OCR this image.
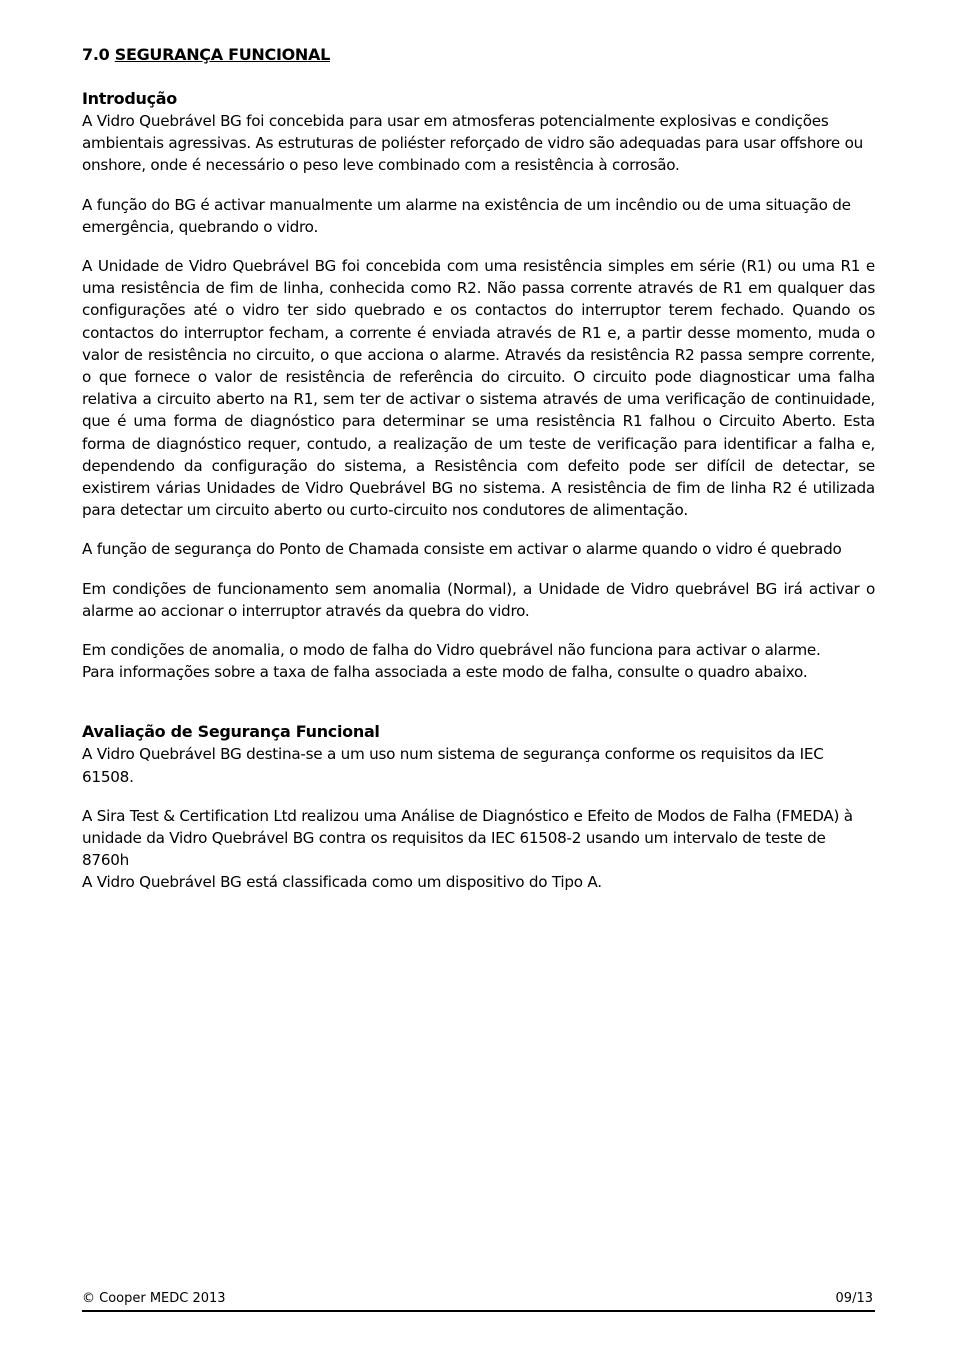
7.0 SEGURANÇA FUNCIONAL
Introdução

A Vidro Quebrável BG foi concebida para usar em atmosferas potencialmente explosivas e condições ambientais agressivas. As estruturas de poliéster reforçado de vidro são adequadas para usar offshore ou onshore, onde é necessário o peso leve combinado com a resistência à corrosão.

A função do BG é activar manualmente um alarme na existência de um incêndio ou de uma situação de emergência, quebrando o vidro.

A Unidade de Vidro Quebrável BG foi concebida com uma resistência simples em série (R1) ou uma R1 e uma resistência de fim de linha, conhecida como R2. Não passa corrente através de R1 em qualquer das configurações até o vidro ter sido quebrado e os contactos do interruptor terem fechado. Quando os contactos do interruptor fecham, a corrente é enviada através de R1 e, a partir desse momento, muda o valor de resistência no circuito, o que acciona o alarme. Através da resistência R2 passa sempre corrente, o que fornece o valor de resistência de referência do circuito. O circuito pode diagnosticar uma falha relativa a circuito aberto na R1, sem ter de activar o sistema através de uma verificação de continuidade, que é uma forma de diagnóstico para determinar se uma resistência R1 falhou o Circuito Aberto. Esta forma de diagnóstico requer, contudo, a realização de um teste de verificação para identificar a falha e, dependendo da configuração do sistema, a Resistência com defeito pode ser difícil de detectar, se existirem várias Unidades de Vidro Quebrável BG no sistema. A resistência de fim de linha R2 é utilizada para detectar um circuito aberto ou curto-circuito nos condutores de alimentação.

A função de segurança do Ponto de Chamada consiste em activar o alarme quando o vidro é quebrado

Em condições de funcionamento sem anomalia (Normal), a Unidade de Vidro quebrável BG irá activar o alarme ao accionar o interruptor através da quebra do vidro.

Em condições de anomalia, o modo de falha do Vidro quebrável não funciona para activar o alarme.

Para informações sobre a taxa de falha associada a este modo de falha, consulte o quadro abaixo.

Avaliação de Segurança Funcional

A Vidro Quebrável BG destina-se a um uso num sistema de segurança conforme os requisitos da IEC 61508.

A Sira Test & Certification Ltd realizou uma Análise de Diagnóstico e Efeito de Modos de Falha (FMEDA) à unidade da Vidro Quebrável BG contra os requisitos da IEC 61508-2 usando um intervalo de teste de 8760h

A Vidro Quebrável BG está classificada como um dispositivo do Tipo A.

© Cooper MEDC 2013	09/13
